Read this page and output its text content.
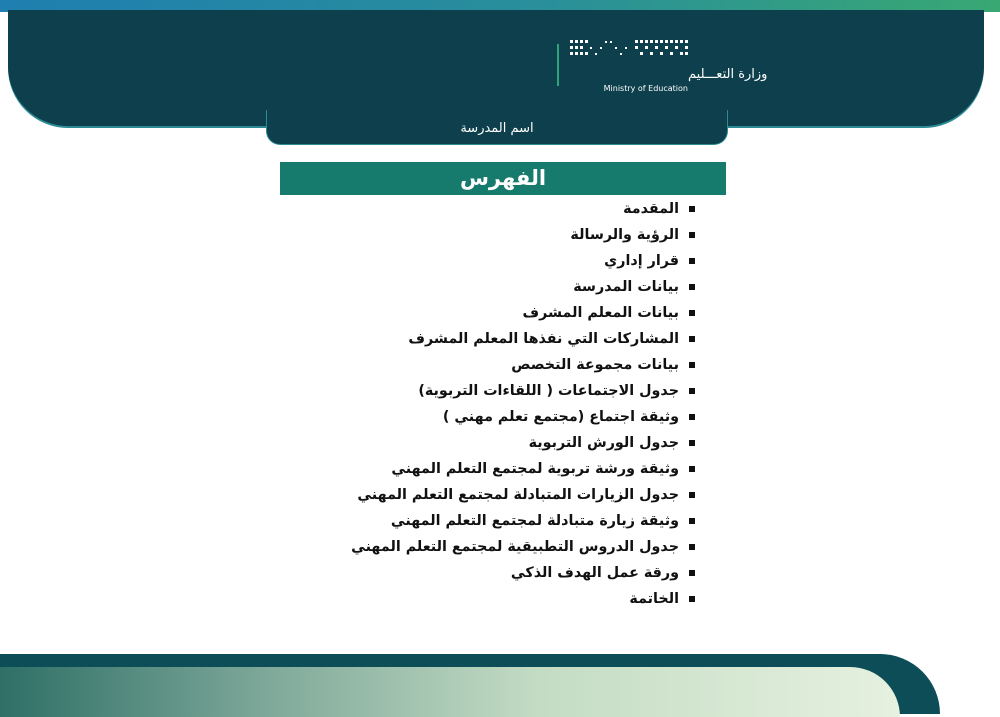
وزارة التعـــليم
Ministry of Education
اسم المدرسة
الفهرس
المقدمة
الرؤية والرسالة
قرار إداري
بيانات المدرسة
بيانات المعلم المشرف
المشاركات التي نفذها المعلم المشرف
بيانات مجموعة التخصص
جدول الاجتماعات ( اللقاءات التربوية)
وثيقة اجتماع (مجتمع تعلم مهني )
جدول الورش التربوية
وثيقة ورشة تربوية لمجتمع التعلم المهني
جدول الزيارات المتبادلة لمجتمع التعلم المهني
وثيقة زيارة متبادلة لمجتمع التعلم المهني
جدول الدروس التطبيقية لمجتمع التعلم المهني
ورقة عمل الهدف الذكي
الخاتمة
